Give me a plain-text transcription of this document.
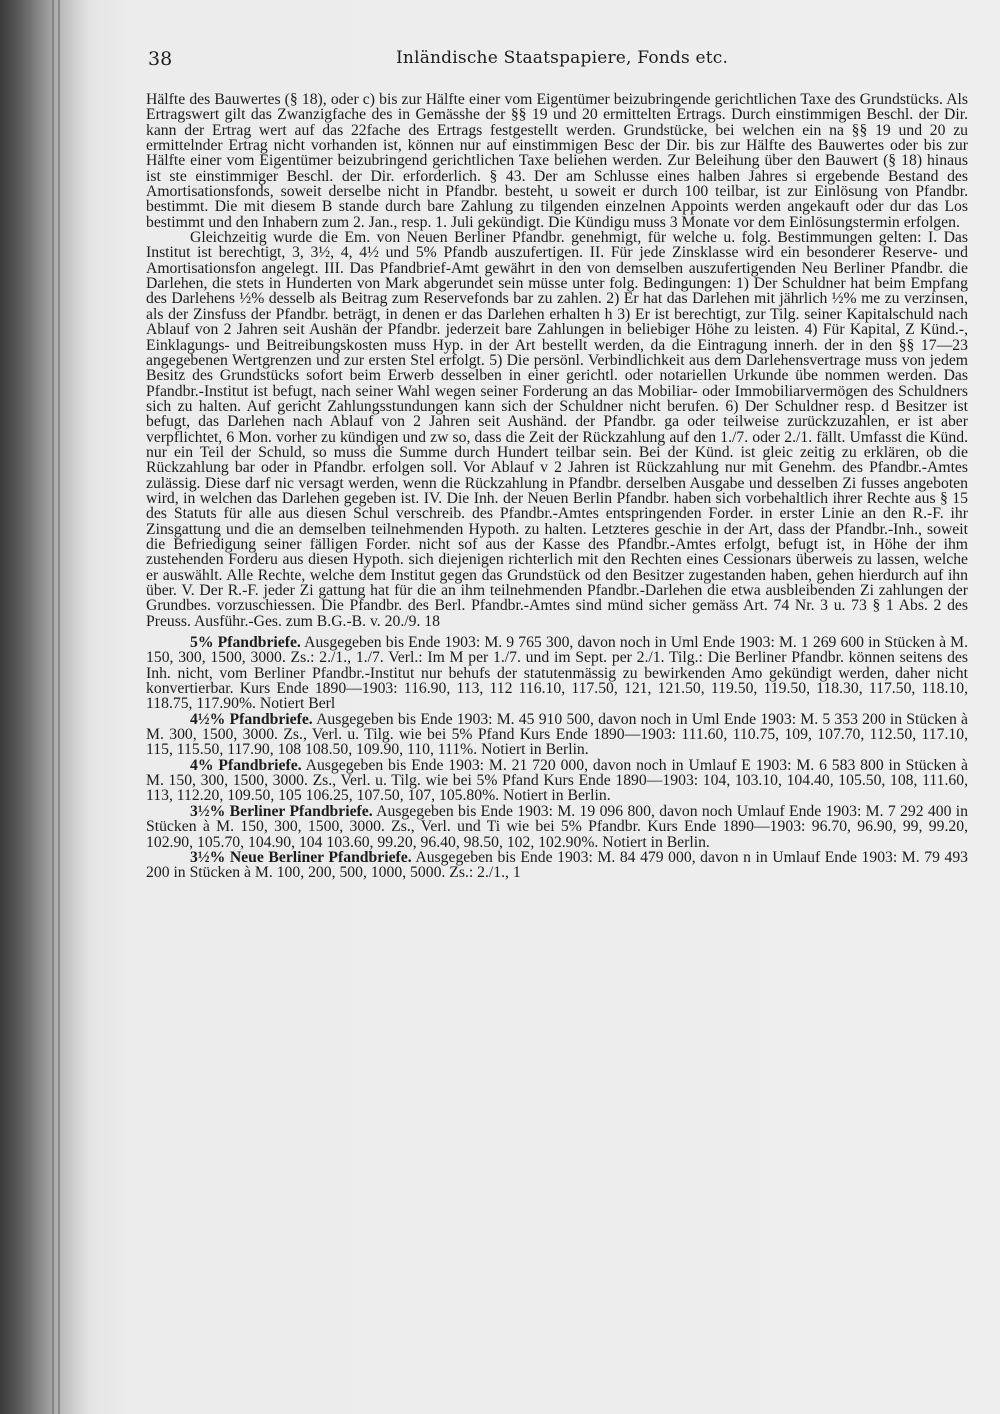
38	Inländische Staatspapiere, Fonds etc.

Hälfte des Bauwertes (§ 18), oder c) bis zur Hälfte einer vom Eigentümer beizubringende gerichtlichen Taxe des Grundstücks. Als Ertragswert gilt das Zwanzigfache des in Gemässhe der §§ 19 und 20 ermittelten Ertrags. Durch einstimmigen Beschl. der Dir. kann der Ertrag wert auf das 22fache des Ertrags festgestellt werden. Grundstücke, bei welchen ein na §§ 19 und 20 zu ermittelnder Ertrag nicht vorhanden ist, können nur auf einstimmigen Besc der Dir. bis zur Hälfte des Bauwertes oder bis zur Hälfte einer vom Eigentümer beizubringend gerichtlichen Taxe beliehen werden. Zur Beleihung über den Bauwert (§ 18) hinaus ist ste einstimmiger Beschl. der Dir. erforderlich. § 43. Der am Schlusse eines halben Jahres si ergebende Bestand des Amortisationsfonds, soweit derselbe nicht in Pfandbr. besteht, u soweit er durch 100 teilbar, ist zur Einlösung von Pfandbr. bestimmt. Die mit diesem B stande durch bare Zahlung zu tilgenden einzelnen Appoints werden angekauft oder dur das Los bestimmt und den Inhabern zum 2. Jan., resp. 1. Juli gekündigt. Die Kündigu muss 3 Monate vor dem Einlösungstermin erfolgen.

Gleichzeitig wurde die Em. von Neuen Berliner Pfandbr. genehmigt, für welche u. folg. Bestimmungen gelten: I. Das Institut ist berechtigt, 3, 3½, 4, 4½ und 5% Pfandb auszufertigen. II. Für jede Zinsklasse wird ein besonderer Reserve- und Amortisationsfon angelegt. III. Das Pfandbrief-Amt gewährt in den von demselben auszufertigenden Neu Berliner Pfandbr. die Darlehen, die stets in Hunderten von Mark abgerundet sein müsse unter folg. Bedingungen: 1) Der Schuldner hat beim Empfang des Darlehens ½% desselb als Beitrag zum Reservefonds bar zu zahlen. 2) Er hat das Darlehen mit jährlich ½% me zu verzinsen, als der Zinsfuss der Pfandbr. beträgt, in denen er das Darlehen erhalten h 3) Er ist berechtigt, zur Tilg. seiner Kapitalschuld nach Ablauf von 2 Jahren seit Aushän der Pfandbr. jederzeit bare Zahlungen in beliebiger Höhe zu leisten. 4) Für Kapital, Z Künd.-, Einklagungs- und Beitreibungskosten muss Hyp. in der Art bestellt werden, da die Eintragung innerh. der in den §§ 17—23 angegebenen Wertgrenzen und zur ersten Stel erfolgt. 5) Die persönl. Verbindlichkeit aus dem Darlehensvertrage muss von jedem Besitz des Grundstücks sofort beim Erwerb desselben in einer gerichtl. oder notariellen Urkunde übe nommen werden. Das Pfandbr.-Institut ist befugt, nach seiner Wahl wegen seiner Forderung an das Mobiliar- oder Immobiliarvermögen des Schuldners sich zu halten. Auf gericht Zahlungsstundungen kann sich der Schuldner nicht berufen. 6) Der Schuldner resp. d Besitzer ist befugt, das Darlehen nach Ablauf von 2 Jahren seit Aushänd. der Pfandbr. ga oder teilweise zurückzuzahlen, er ist aber verpflichtet, 6 Mon. vorher zu kündigen und zw so, dass die Zeit der Rückzahlung auf den 1./7. oder 2./1. fällt. Umfasst die Künd. nur ein Teil der Schuld, so muss die Summe durch Hundert teilbar sein. Bei der Künd. ist gleic zeitig zu erklären, ob die Rückzahlung bar oder in Pfandbr. erfolgen soll. Vor Ablauf v 2 Jahren ist Rückzahlung nur mit Genehm. des Pfandbr.-Amtes zulässig. Diese darf nic versagt werden, wenn die Rückzahlung in Pfandbr. derselben Ausgabe und desselben Zi fusses angeboten wird, in welchen das Darlehen gegeben ist. IV. Die Inh. der Neuen Berlin Pfandbr. haben sich vorbehaltlich ihrer Rechte aus § 15 des Statuts für alle aus diesen Schul verschreib. des Pfandbr.-Amtes entspringenden Forder. in erster Linie an den R.-F. ihr Zinsgattung und die an demselben teilnehmenden Hypoth. zu halten. Letzteres geschie in der Art, dass der Pfandbr.-Inh., soweit die Befriedigung seiner fälligen Forder. nicht sof aus der Kasse des Pfandbr.-Amtes erfolgt, befugt ist, in Höhe der ihm zustehenden Forderu aus diesen Hypoth. sich diejenigen richterlich mit den Rechten eines Cessionars überweis zu lassen, welche er auswählt. Alle Rechte, welche dem Institut gegen das Grundstück od den Besitzer zugestanden haben, gehen hierdurch auf ihn über. V. Der R.-F. jeder Zi gattung hat für die an ihm teilnehmenden Pfandbr.-Darlehen die etwa ausbleibenden Zi zahlungen der Grundbes. vorzuschiessen. Die Pfandbr. des Berl. Pfandbr.-Amtes sind münd sicher gemäss Art. 74 Nr. 3 u. 73 § 1 Abs. 2 des Preuss. Ausführ.-Ges. zum B.G.-B. v. 20./9. 18

5% Pfandbriefe. Ausgegeben bis Ende 1903: M. 9 765 300, davon noch in Uml Ende 1903: M. 1 269 600 in Stücken à M. 150, 300, 1500, 3000. Zs.: 2./1., 1./7. Verl.: Im M per 1./7. und im Sept. per 2./1. Tilg.: Die Berliner Pfandbr. können seitens des Inh. nicht, vom Berliner Pfandbr.-Institut nur behufs der statutenmässig zu bewirkenden Amo gekündigt werden, daher nicht konvertierbar. Kurs Ende 1890—1903: 116.90, 113, 112 116.10, 117.50, 121, 121.50, 119.50, 119.50, 118.30, 117.50, 118.10, 118.75, 117.90%. Notiert Berl

4½% Pfandbriefe. Ausgegeben bis Ende 1903: M. 45 910 500, davon noch in Uml Ende 1903: M. 5 353 200 in Stücken à M. 300, 1500, 3000. Zs., Verl. u. Tilg. wie bei 5% Pfand Kurs Ende 1890—1903: 111.60, 110.75, 109, 107.70, 112.50, 117.10, 115, 115.50, 117.90, 108 108.50, 109.90, 110, 111%. Notiert in Berlin.

4% Pfandbriefe. Ausgegeben bis Ende 1903: M. 21 720 000, davon noch in Umlauf E 1903: M. 6 583 800 in Stücken à M. 150, 300, 1500, 3000. Zs., Verl. u. Tilg. wie bei 5% Pfand Kurs Ende 1890—1903: 104, 103.10, 104.40, 105.50, 108, 111.60, 113, 112.20, 109.50, 105 106.25, 107.50, 107, 105.80%. Notiert in Berlin.

3½% Berliner Pfandbriefe. Ausgegeben bis Ende 1903: M. 19 096 800, davon noch Umlauf Ende 1903: M. 7 292 400 in Stücken à M. 150, 300, 1500, 3000. Zs., Verl. und Ti wie bei 5% Pfandbr. Kurs Ende 1890—1903: 96.70, 96.90, 99, 99.20, 102.90, 105.70, 104.90, 104 103.60, 99.20, 96.40, 98.50, 102, 102.90%. Notiert in Berlin.

3½% Neue Berliner Pfandbriefe. Ausgegeben bis Ende 1903: M. 84 479 000, davon n in Umlauf Ende 1903: M. 79 493 200 in Stücken à M. 100, 200, 500, 1000, 5000. Zs.: 2./1., 1
